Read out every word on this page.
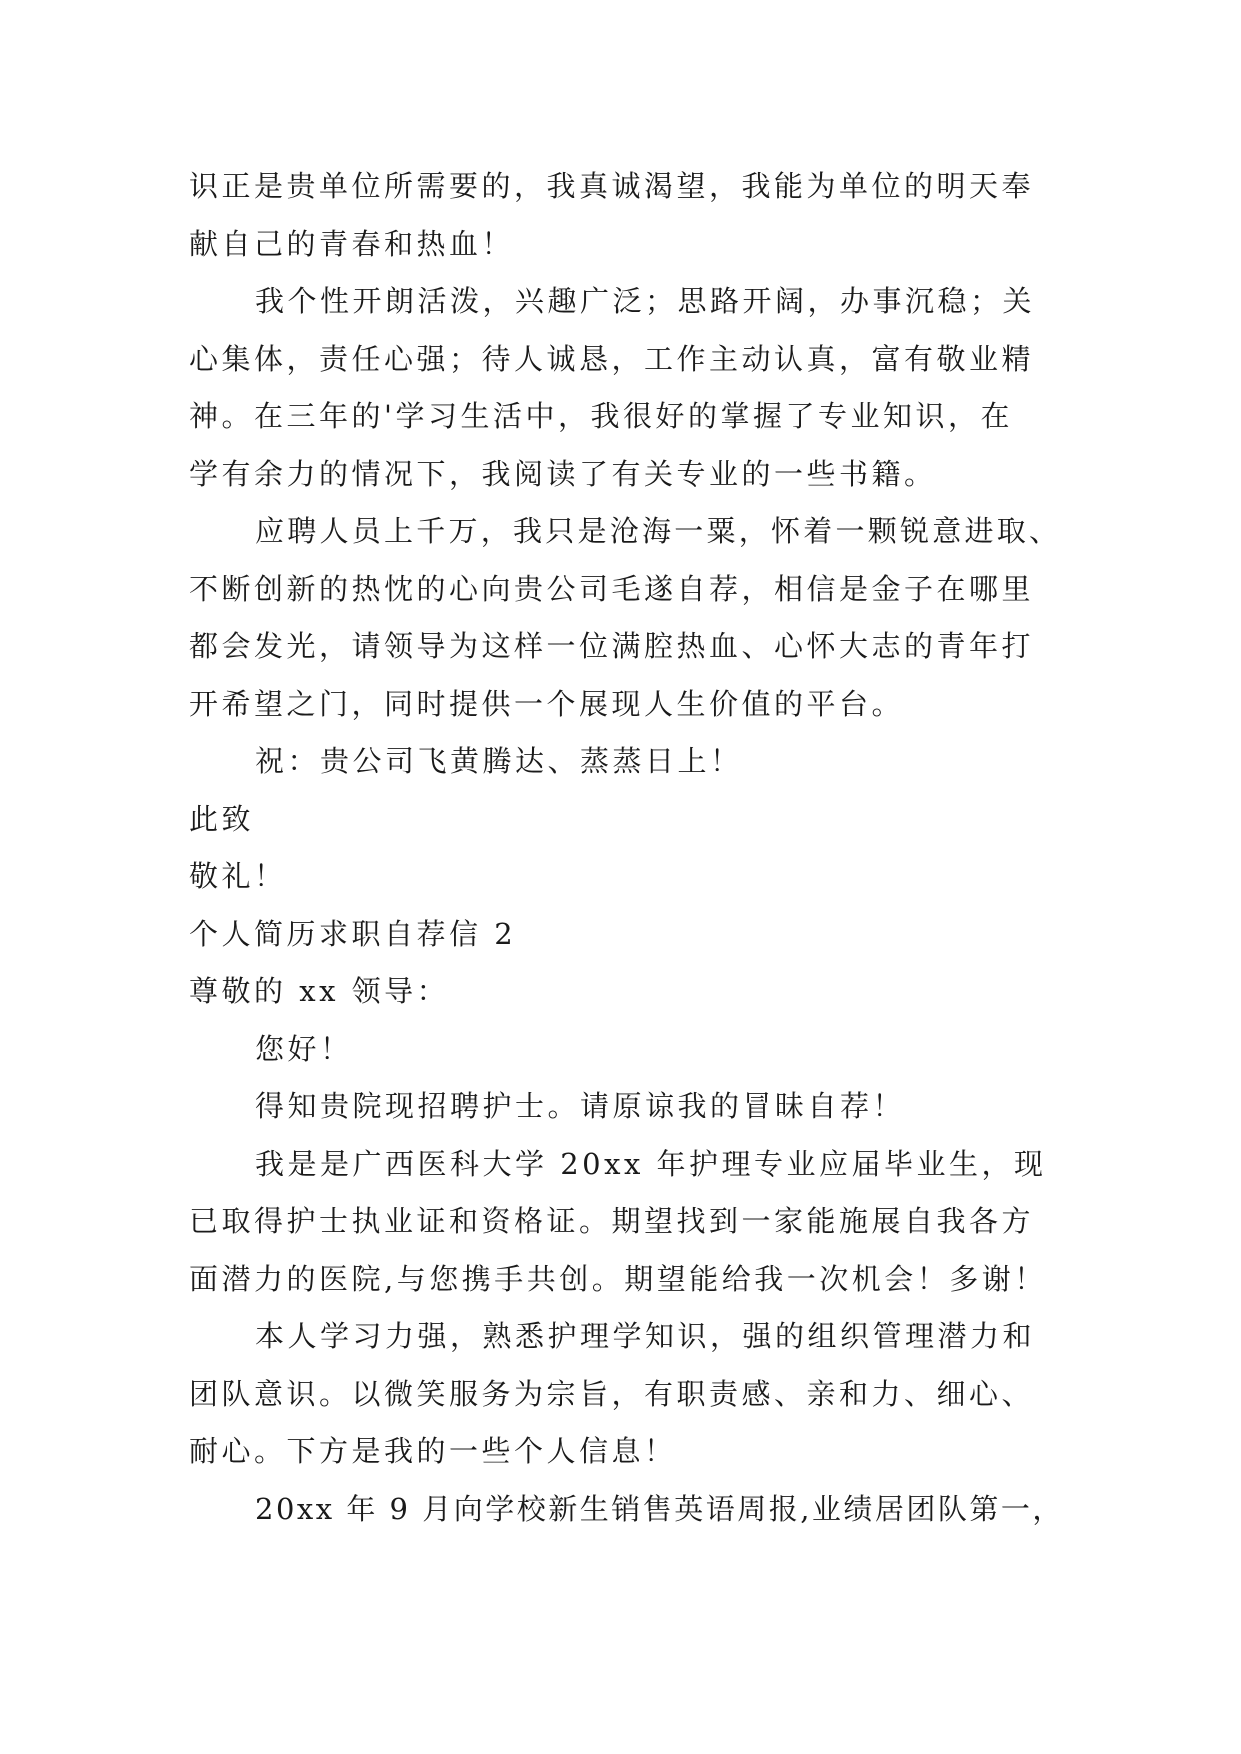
识正是贵单位所需要的，我真诚渴望，我能为单位的明天奉
献自己的青春和热血！
我个性开朗活泼，兴趣广泛；思路开阔，办事沉稳；关
心集体，责任心强；待人诚恳，工作主动认真，富有敬业精
神。在三年的'学习生活中，我很好的掌握了专业知识，在
学有余力的情况下，我阅读了有关专业的一些书籍。
应聘人员上千万，我只是沧海一粟，怀着一颗锐意进取、
不断创新的热忱的心向贵公司毛遂自荐，相信是金子在哪里
都会发光，请领导为这样一位满腔热血、心怀大志的青年打
开希望之门，同时提供一个展现人生价值的平台。
祝：贵公司飞黄腾达、蒸蒸日上！
此致
敬礼！
个人简历求职自荐信 2
尊敬的 xx 领导：
您好！
得知贵院现招聘护士。请原谅我的冒昧自荐！
我是是广西医科大学 20xx 年护理专业应届毕业生，现
已取得护士执业证和资格证。期望找到一家能施展自我各方
面潜力的医院,与您携手共创。期望能给我一次机会！多谢！
本人学习力强，熟悉护理学知识，强的组织管理潜力和
团队意识。以微笑服务为宗旨，有职责感、亲和力、细心、
耐心。下方是我的一些个人信息！
20xx 年 9 月向学校新生销售英语周报,业绩居团队第一，
